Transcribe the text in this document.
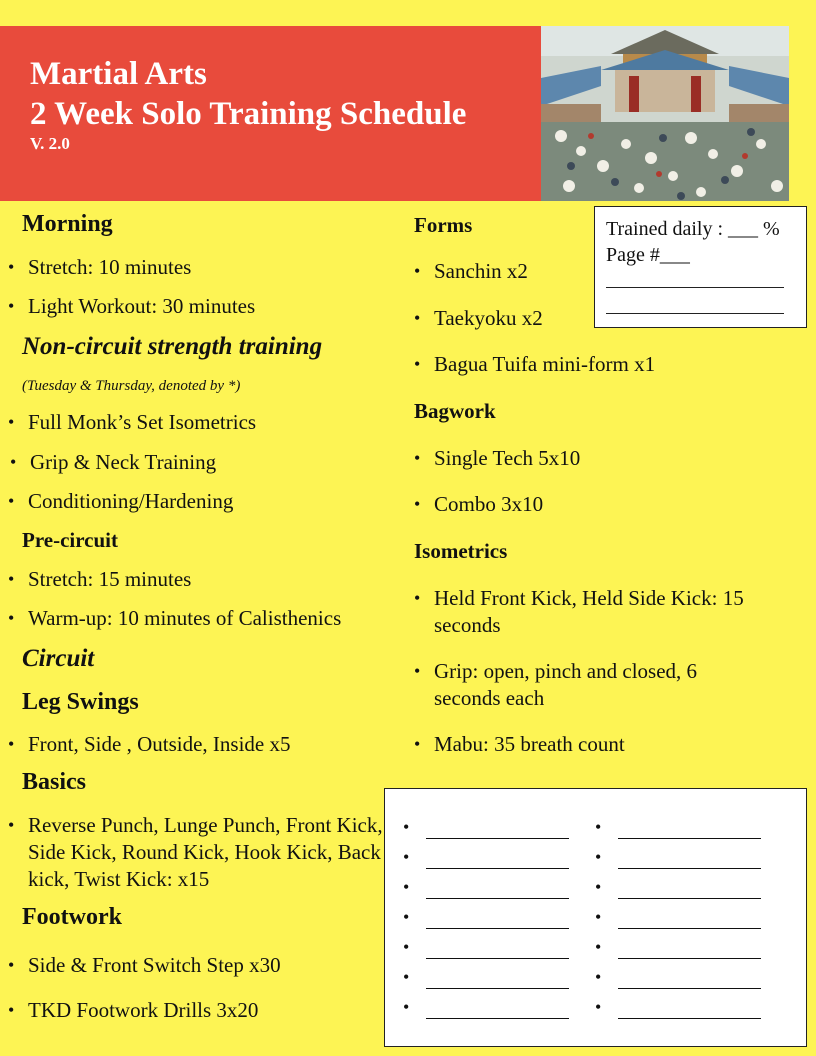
Martial Arts
2 Week Solo Training Schedule
V. 2.0
Morning
• Stretch: 10 minutes
• Light Workout: 30 minutes
Non-circuit strength training
(Tuesday & Thursday, denoted by *)
• Full Monk’s Set Isometrics
• Grip & Neck Training
• Conditioning/Hardening
Pre-circuit
• Stretch: 15 minutes
• Warm-up: 10 minutes of Calisthenics
Circuit
Leg Swings
• Front, Side , Outside, Inside x5
Basics
• Reverse Punch, Lunge Punch, Front Kick, Side Kick, Round Kick, Hook Kick, Back kick, Twist Kick: x15
Footwork
• Side & Front Switch Step x30
• TKD Footwork Drills 3x20
Forms
• Sanchin x2
• Taekyoku x2
• Bagua Tuifa mini-form x1
Bagwork
• Single Tech 5x10
• Combo 3x10
Isometrics
• Held Front Kick, Held Side Kick: 15 seconds
• Grip: open, pinch and closed, 6 seconds each
• Mabu: 35 breath count
Trained daily : ___ %
Page #___
•
•
•
•
•
•
•
•
•
•
•
•
•
•
